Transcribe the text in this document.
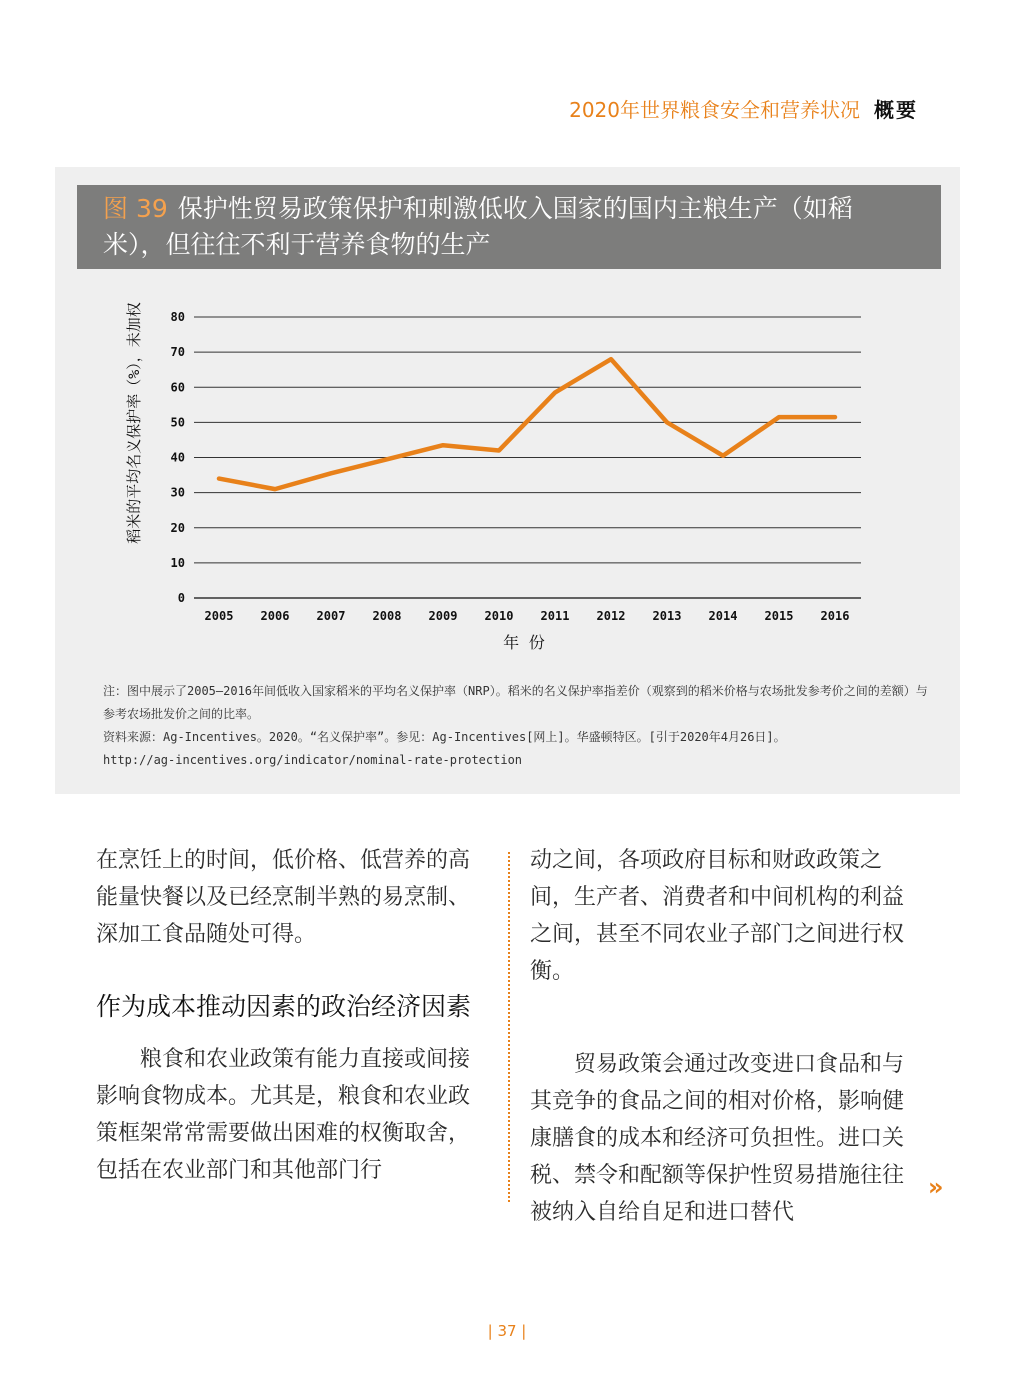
2020年世界粮食安全和营养状况 概要
图 39 保护性贸易政策保护和刺激低收入国家的国内主粮生产（如稻
米），但往往不利于营养食物的生产
0
10
20
30
40
50
60
70
80
2005 2006 2007 2008 2009 2010 2011 2012 2013 2014 2015 2016
年 份
稻米的平均名义保护率（%），未加权

注：图中展示了2005–2016年间低收入国家稻米的平均名义保护率（NRP）。稻米的名义保护率指差价（观察到的稻米价格与农场批发参考价之间的差额）与参考农场批发价之间的比率。

资料来源：Ag-Incentives。2020。“名义保护率”。参见：Ag-Incentives[网上]。华盛顿特区。[引于2020年4月26日]。

http://ag-incentives.org/indicator/nominal-rate-protection

在烹饪上的时间，低价格、低营养的高能量快餐以及已经烹制半熟的易烹制、深加工食品随处可得。

作为成本推动因素的政治经济因素

粮食和农业政策有能力直接或间接影响食物成本。尤其是，粮食和农业政策框架常常需要做出困难的权衡取舍，包括在农业部门和其他部门行

动之间，各项政府目标和财政政策之间，生产者、消费者和中间机构的利益之间，甚至不同农业子部门之间进行权衡。

贸易政策会通过改变进口食品和与其竞争的食品之间的相对价格，影响健康膳食的成本和经济可负担性。进口关税、禁令和配额等保护性贸易措施往往被纳入自给自足和进口替代

»
| 37 |
